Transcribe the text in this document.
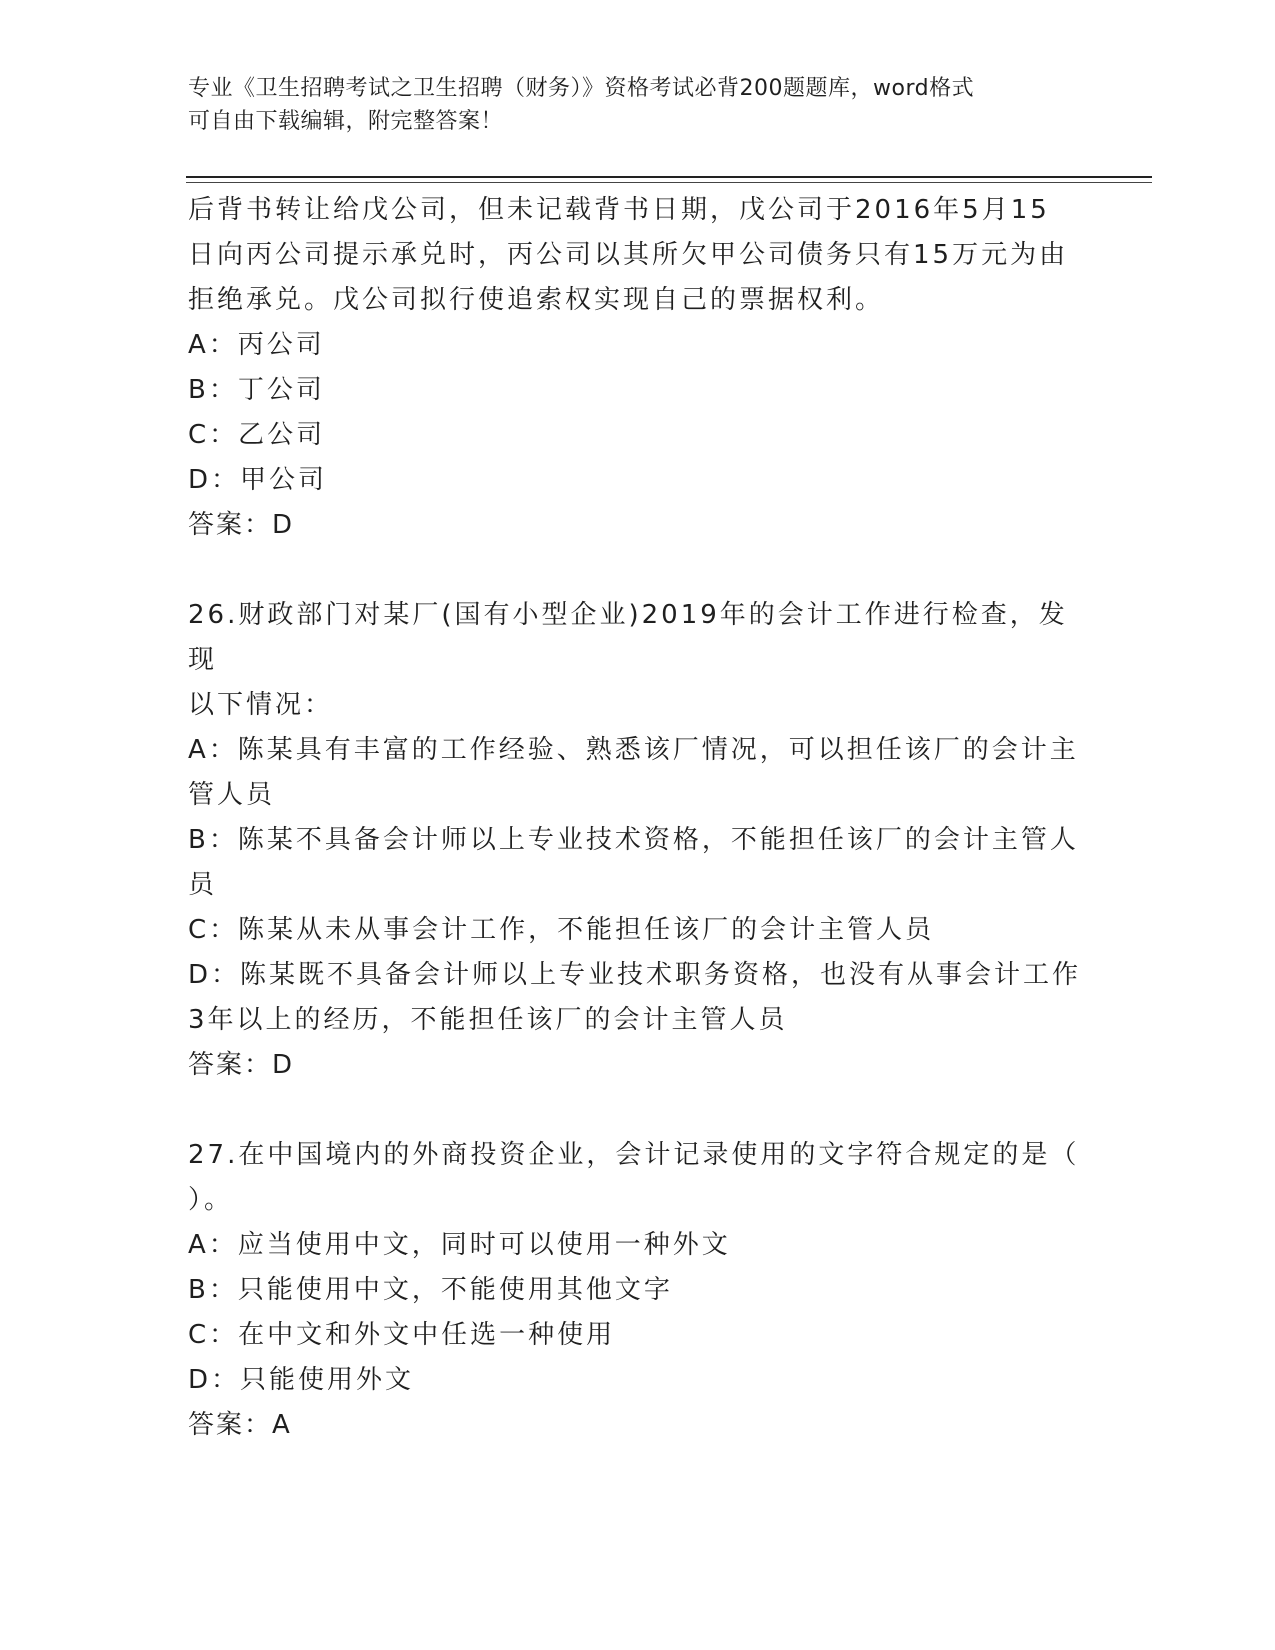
专业《卫生招聘考试之卫生招聘（财务）》资格考试必背200题题库，word格式
可自由下载编辑，附完整答案！

后背书转让给戊公司，但未记载背书日期，戊公司于2016年5月15

日向丙公司提示承兑时，丙公司以其所欠甲公司债务只有15万元为由

拒绝承兑。戊公司拟行使追索权实现自己的票据权利。

A：丙公司

B：丁公司

C：乙公司

D：甲公司

答案：D

26.财政部门对某厂(国有小型企业)2019年的会计工作进行检查，发现

以下情况：

A：陈某具有丰富的工作经验、熟悉该厂情况，可以担任该厂的会计主

管人员

B：陈某不具备会计师以上专业技术资格，不能担任该厂的会计主管人

员

C：陈某从未从事会计工作，不能担任该厂的会计主管人员

D：陈某既不具备会计师以上专业技术职务资格，也没有从事会计工作

3年以上的经历，不能担任该厂的会计主管人员

答案：D

27.在中国境内的外商投资企业，会计记录使用的文字符合规定的是（

）。

A：应当使用中文，同时可以使用一种外文

B：只能使用中文，不能使用其他文字

C：在中文和外文中任选一种使用

D：只能使用外文

答案：A
